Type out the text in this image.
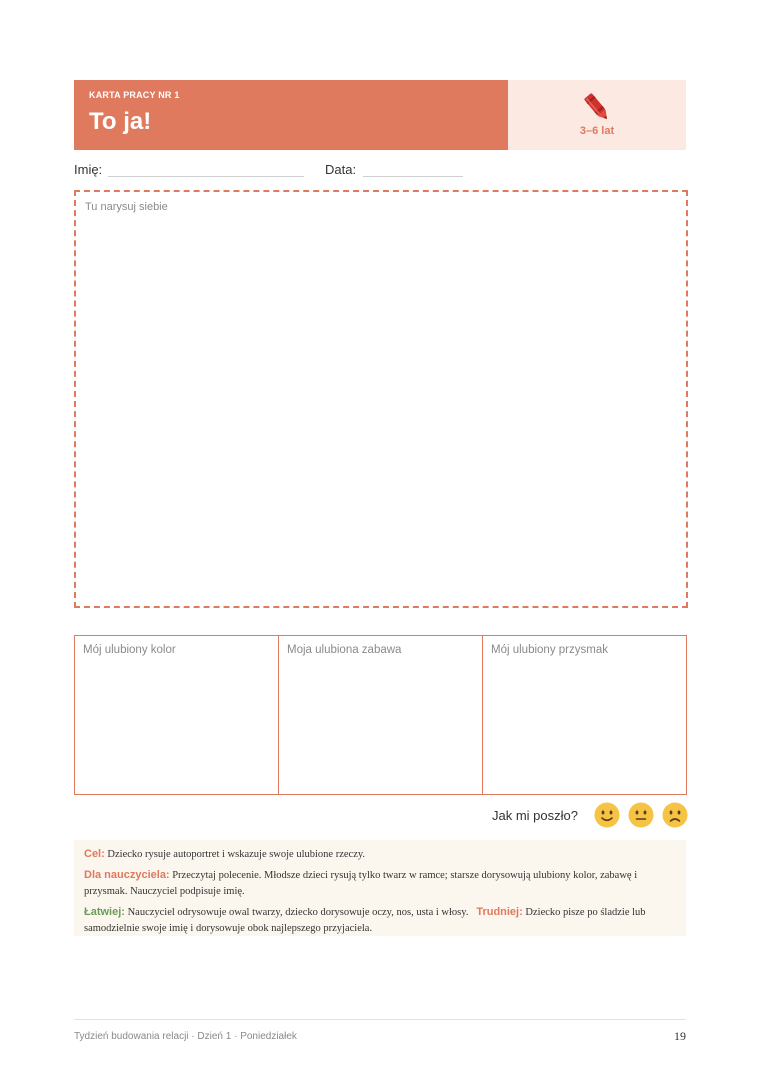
KARTA PRACY NR 1
To ja!	3–6 lat
Imię:	Data:
Tu narysuj siebie
Mój ulubiony kolor	Moja ulubiona zabawa	Mój ulubiony przysmak
Jak mi poszło?

Cel: Dziecko rysuje autoportret i wskazuje swoje ulubione rzeczy.

Dla nauczyciela: Przeczytaj polecenie. Młodsze dzieci rysują tylko twarz w ramce; starsze dorysowują ulubiony kolor, zabawę i przysmak. Nauczyciel podpisuje imię.

Łatwiej: Nauczyciel odrysowuje owal twarzy, dziecko dorysowuje oczy, nos, usta i włosy. Trudniej: Dziecko pisze po śladzie lub samodzielnie swoje imię i dorysowuje obok najlepszego przyjaciela.

Tydzień budowania relacji · Dzień 1 · Poniedziałek	19
